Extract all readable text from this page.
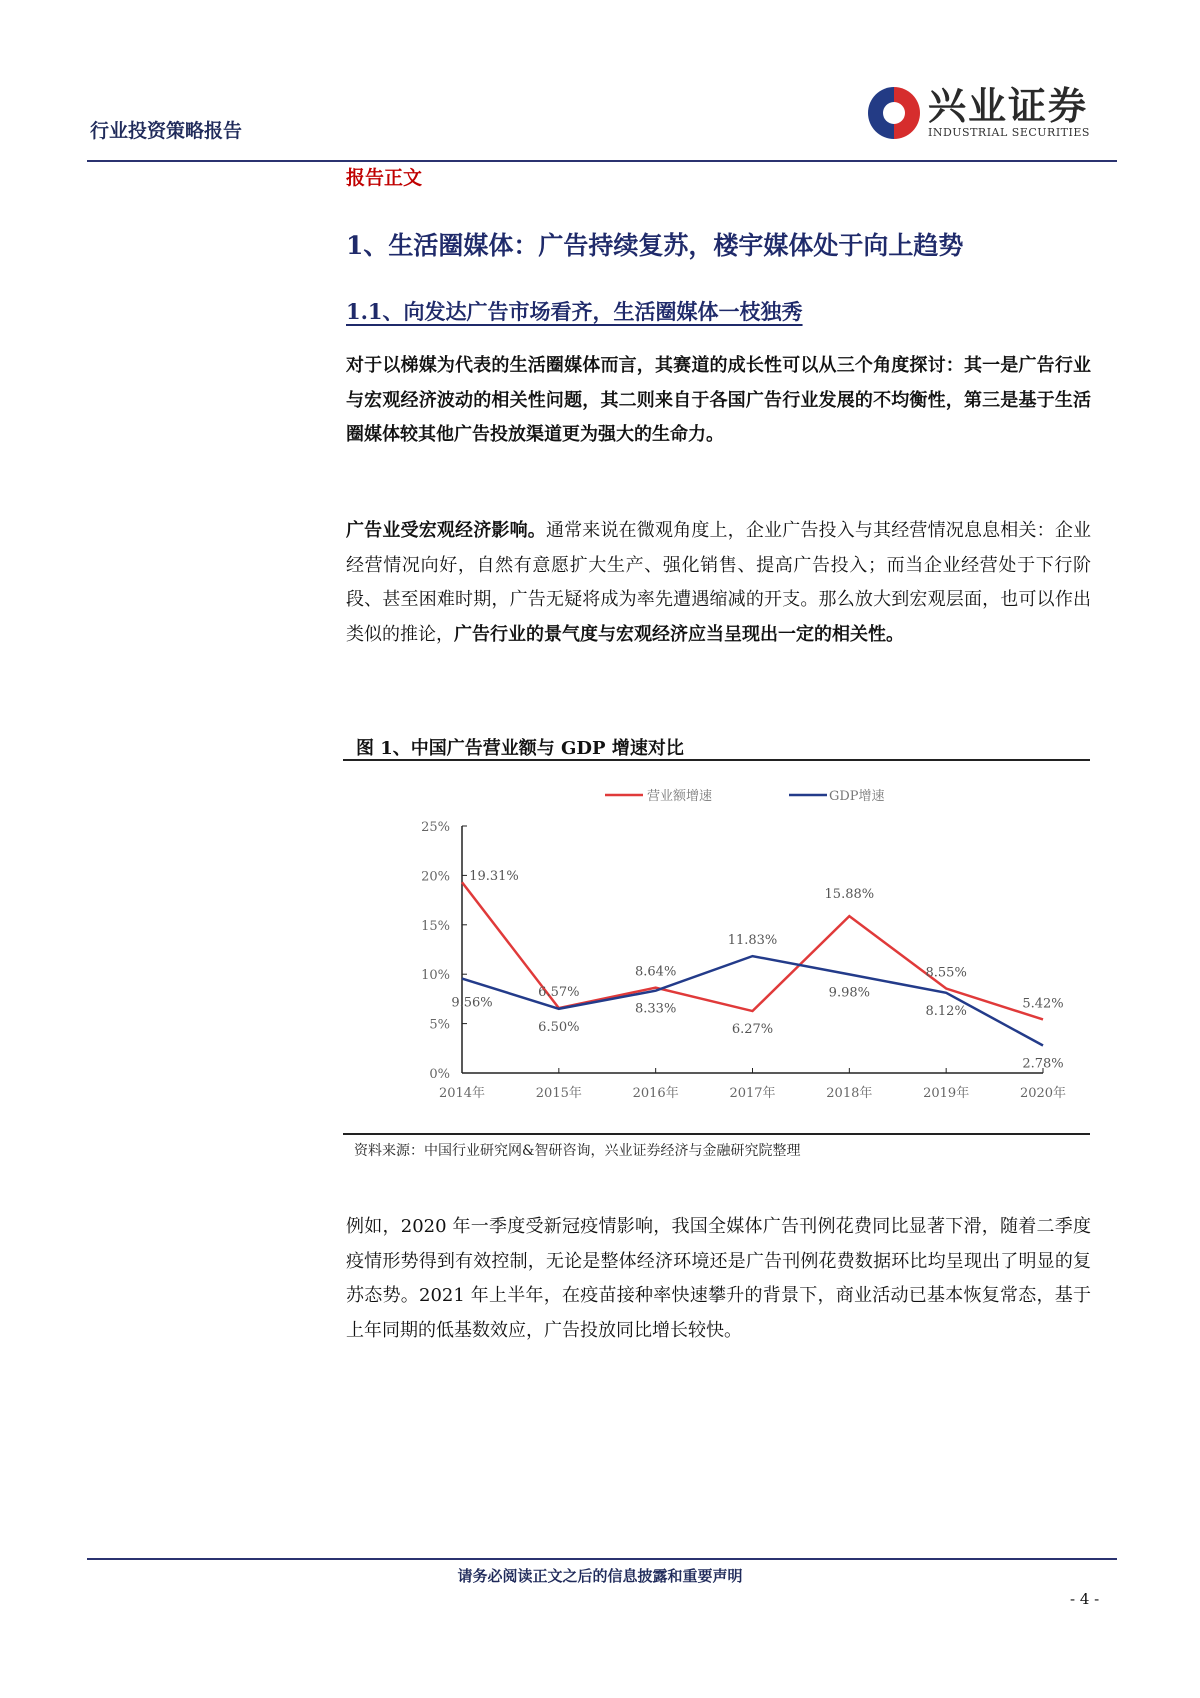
行业投资策略报告
兴业证券
INDUSTRIAL SECURITIES
报告正文
1、生活圈媒体：广告持续复苏，楼宇媒体处于向上趋势
1.1、向发达广告市场看齐，生活圈媒体一枝独秀
对于以梯媒为代表的生活圈媒体而言，其赛道的成长性可以从三个角度探讨：其一是广告行业与宏观经济波动的相关性问题，其二则来自于各国广告行业发展的不均衡性，第三是基于生活圈媒体较其他广告投放渠道更为强大的生命力。
广告业受宏观经济影响。通常来说在微观角度上，企业广告投入与其经营情况息息相关：企业经营情况向好，自然有意愿扩大生产、强化销售、提高广告投入；而当企业经营处于下行阶段、甚至困难时期，广告无疑将成为率先遭遇缩减的开支。那么放大到宏观层面，也可以作出类似的推论，广告行业的景气度与宏观经济应当呈现出一定的相关性。
图 1、中国广告营业额与 GDP 增速对比
营业额增速	GDP增速
0%
5%
10%
15%
20%
25%
2014年	2015年	2016年	2017年	2018年	2019年	2020年
19.31%
6.57%
8.64%
6.27%
15.88%
8.55%
5.42%
9.56%
6.50%
8.33%
11.83%
9.98%
8.12%
2.78%
资料来源：中国行业研究网&智研咨询，兴业证券经济与金融研究院整理
例如，2020 年一季度受新冠疫情影响，我国全媒体广告刊例花费同比显著下滑，随着二季度疫情形势得到有效控制，无论是整体经济环境还是广告刊例花费数据环比均呈现出了明显的复苏态势。2021 年上半年，在疫苗接种率快速攀升的背景下，商业活动已基本恢复常态，基于上年同期的低基数效应，广告投放同比增长较快。
请务必阅读正文之后的信息披露和重要声明
- 4 -
